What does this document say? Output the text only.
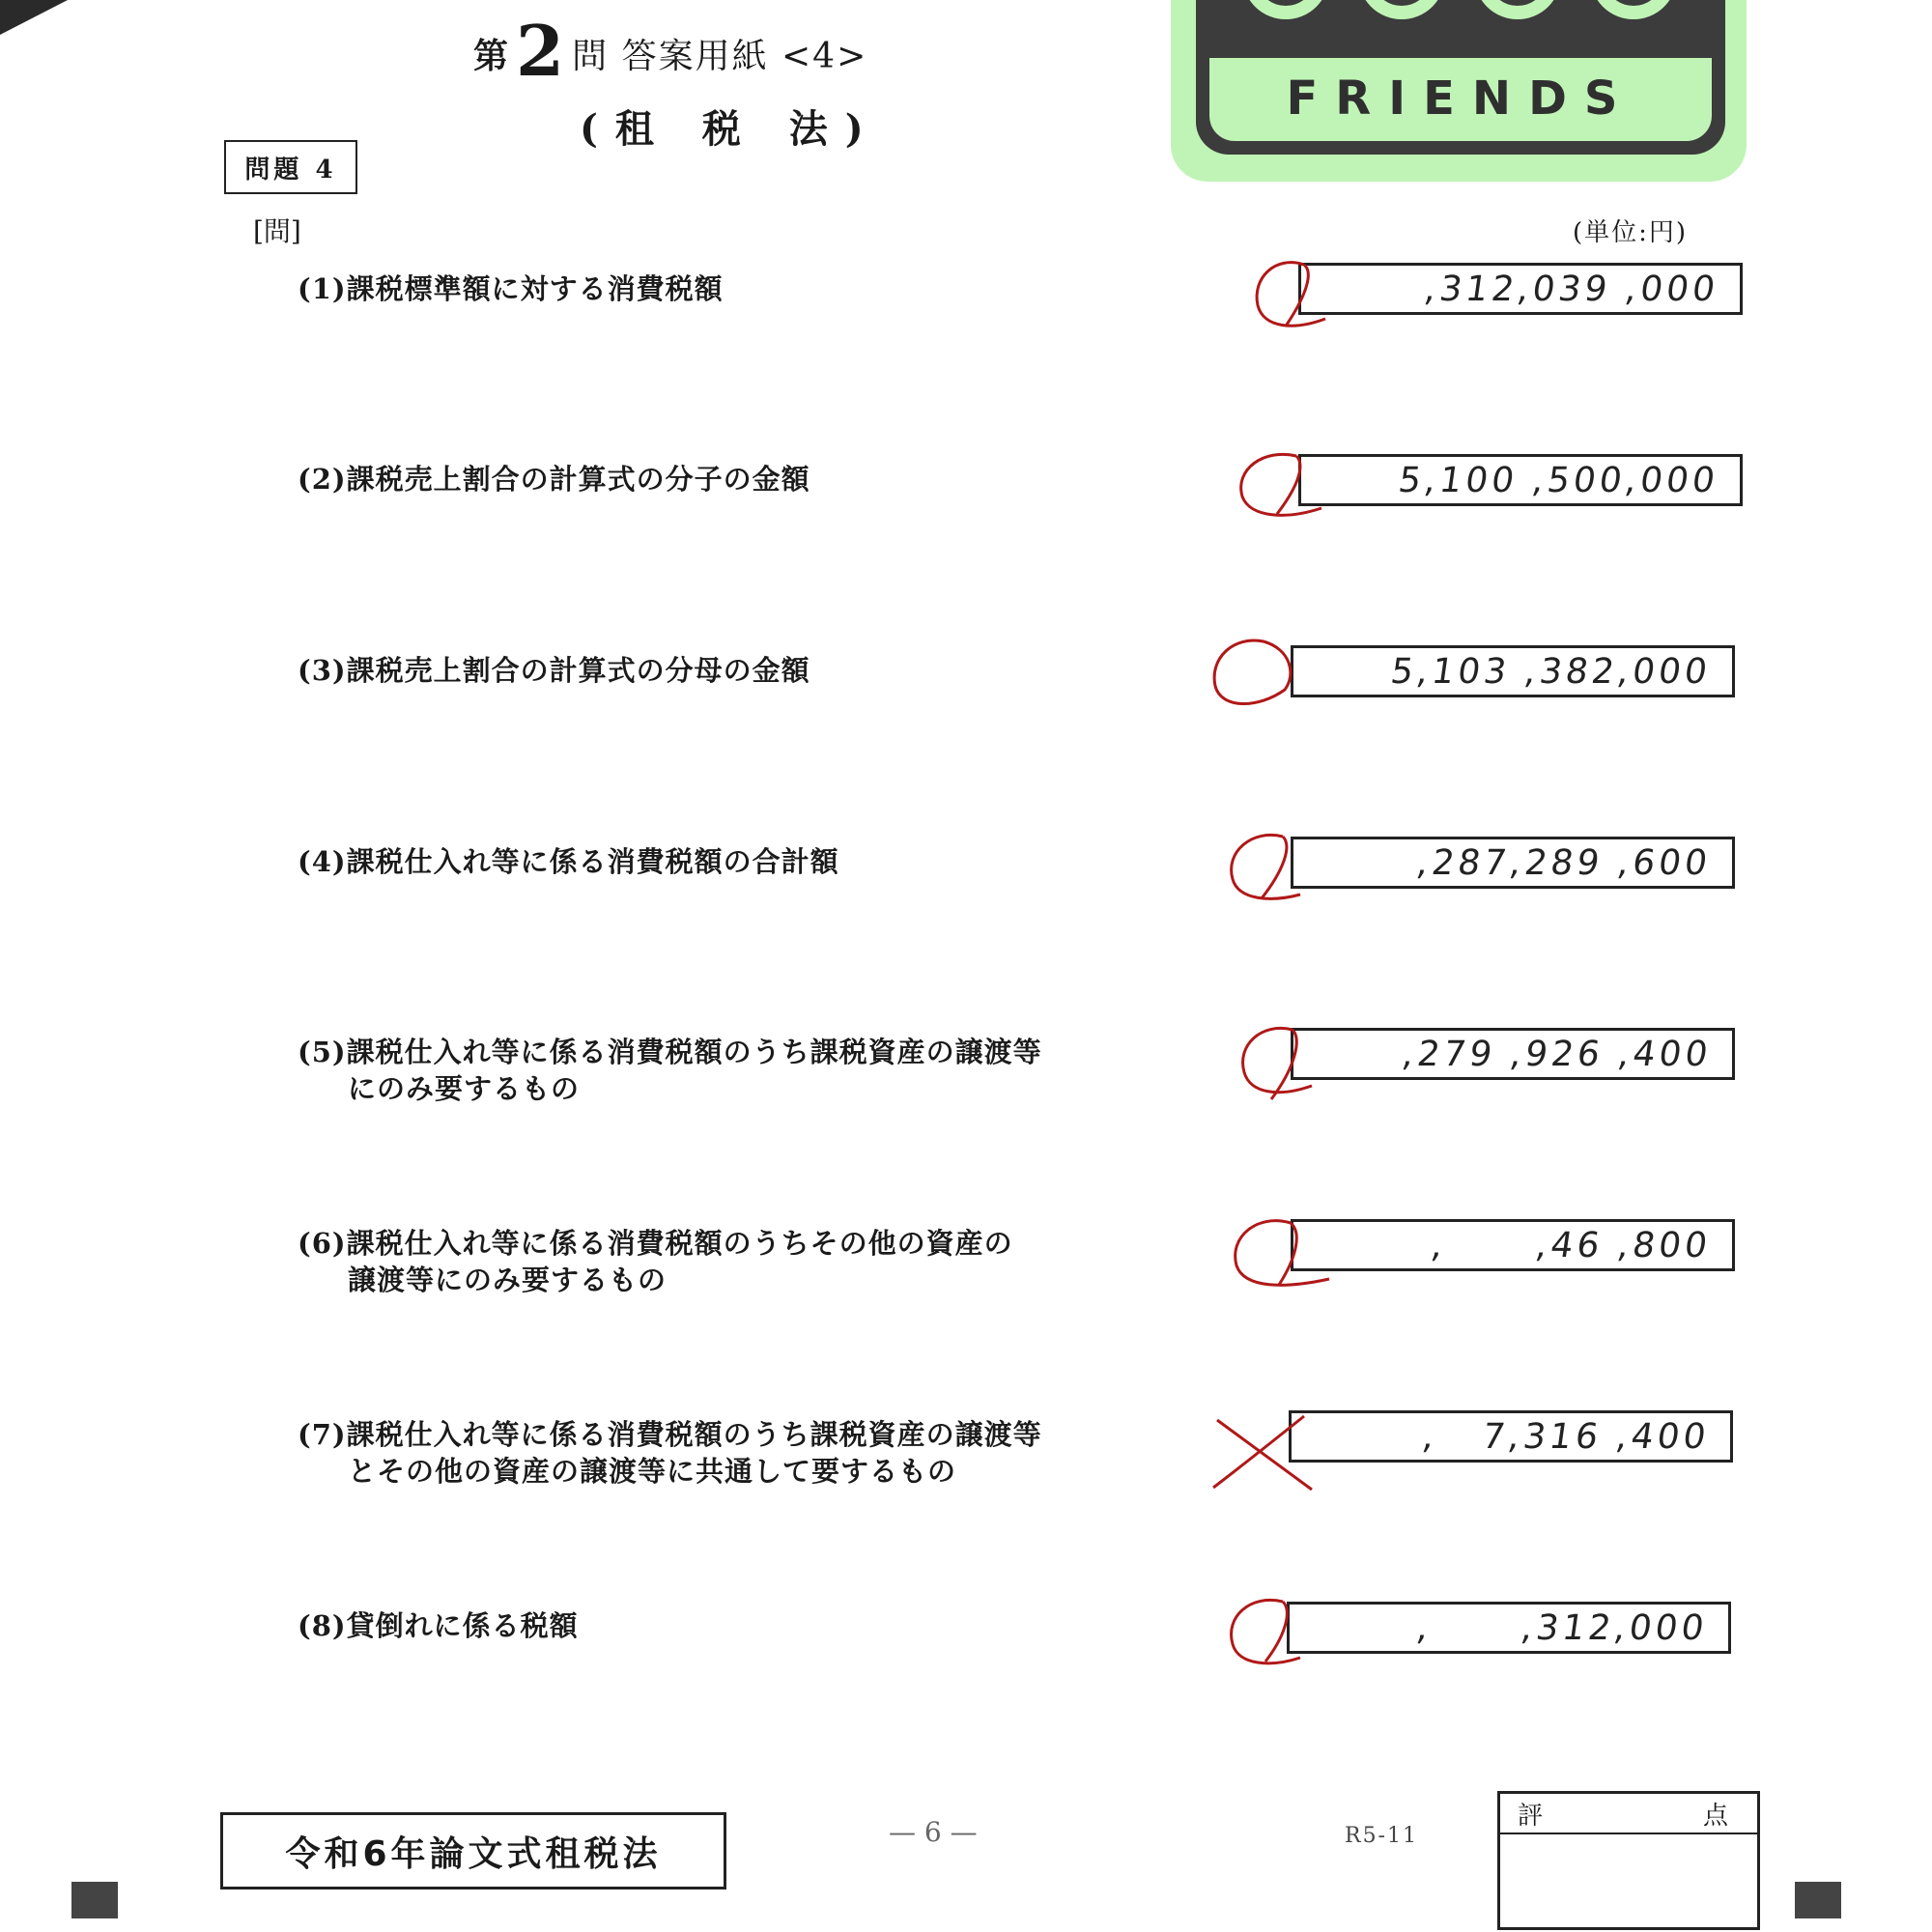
第2 問 答案用紙 <4>
(租 税 法)
FRIENDS
問題 4
[問]	(単位:円)
(1)課税標準額に対する消費税額	,312,039 ,000
(2)課税売上割合の計算式の分子の金額	5,100 ,500,000
(3)課税売上割合の計算式の分母の金額	5,103 ,382,000
(4)課税仕入れ等に係る消費税額の合計額	,287,289 ,600
(5)課税仕入れ等に係る消費税額のうち課税資産の譲渡等
にのみ要するもの
,279 ,926 ,400
(6)課税仕入れ等に係る消費税額のうちその他の資産の
譲渡等にのみ要するもの
,      ,46 ,800
(7)課税仕入れ等に係る消費税額のうち課税資産の譲渡等
とその他の資産の譲渡等に共通して要するもの
,   7,316 ,400
(8)貸倒れに係る税額	,      ,312,000
令和6年論文式租税法
— 6 —	R5-11
評	点
